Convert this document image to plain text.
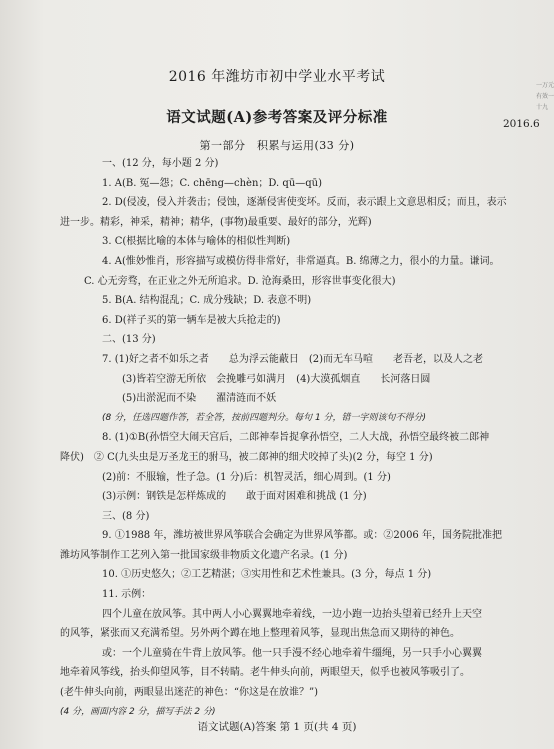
一万元有效一十九
2016 年潍坊市初中学业水平考试
语文试题(A)参考答案及评分标准	2016.6
第一部分　积累与运用(33 分)
一、(12 分，每小题 2 分)
1. A(B. 冤—怨；C. chēng—chèn；D. qū—qū)
2. D(侵凌，侵入并袭击；侵蚀，逐渐侵害使变坏。反而，表示跟上文意思相反；而且，表示
进一步。精彩，神采，精神；精华，(事物)最重要、最好的部分，光辉)
3. C(根据比喻的本体与喻体的相似性判断)
4. A(惟妙惟肖，形容描写或模仿得非常好，非常逼真。B. 绵薄之力，很小的力量。谦词。
C. 心无旁骛，在正业之外无所追求。D. 沧海桑田，形容世事变化很大)
5. B(A. 结构混乱；C. 成分残缺；D. 表意不明)
6. D(祥子买的第一辆车是被大兵抢走的)
二、(13 分)
7. (1)好之者不如乐之者　　总为浮云能蔽日　(2)而无车马喧　　老吾老，以及人之老
(3)皆若空游无所依　会挽雕弓如满月　(4)大漠孤烟直　　长河落日圆
(5)出淤泥而不染　　濯清涟而不妖
(8 分，任选四题作答，若全答，按前四题判分。每句 1 分，错一字则该句不得分)
8. (1)①B(孙悟空大闹天宫后，二郎神奉旨捉拿孙悟空，二人大战，孙悟空最终被二郎神
降伏)　② C(九头虫是万圣龙王的驸马，被二郎神的细犬咬掉了头)(2 分，每空 1 分)
(2)前：不服输，性子急。(1 分)后：机智灵活，细心周到。(1 分)
(3)示例：钢铁是怎样炼成的　　敢于面对困难和挑战 (1 分)
三、(8 分)
9. ①1988 年，潍坊被世界风筝联合会确定为世界风筝都。或：②2006 年，国务院批准把
潍坊风筝制作工艺列入第一批国家级非物质文化遗产名录。(1 分)
10. ①历史悠久；②工艺精湛；③实用性和艺术性兼具。(3 分，每点 1 分)
11. 示例：
四个儿童在放风筝。其中两人小心翼翼地牵着线，一边小跑一边抬头望着已经升上天空
的风筝，紧张而又充满希望。另外两个蹲在地上整理着风筝，显现出焦急而又期待的神色。
或：一个儿童骑在牛背上放风筝。他一只手漫不经心地牵着牛缰绳，另一只手小心翼翼
地牵着风筝线，抬头仰望风筝，目不转睛。老牛伸头向前，两眼望天，似乎也被风筝吸引了。
(老牛伸头向前，两眼显出迷茫的神色：“你这是在放谁？”)
(4 分，画面内容 2 分，描写手法 2 分)
语文试题(A)答案 第 1 页(共 4 页)
